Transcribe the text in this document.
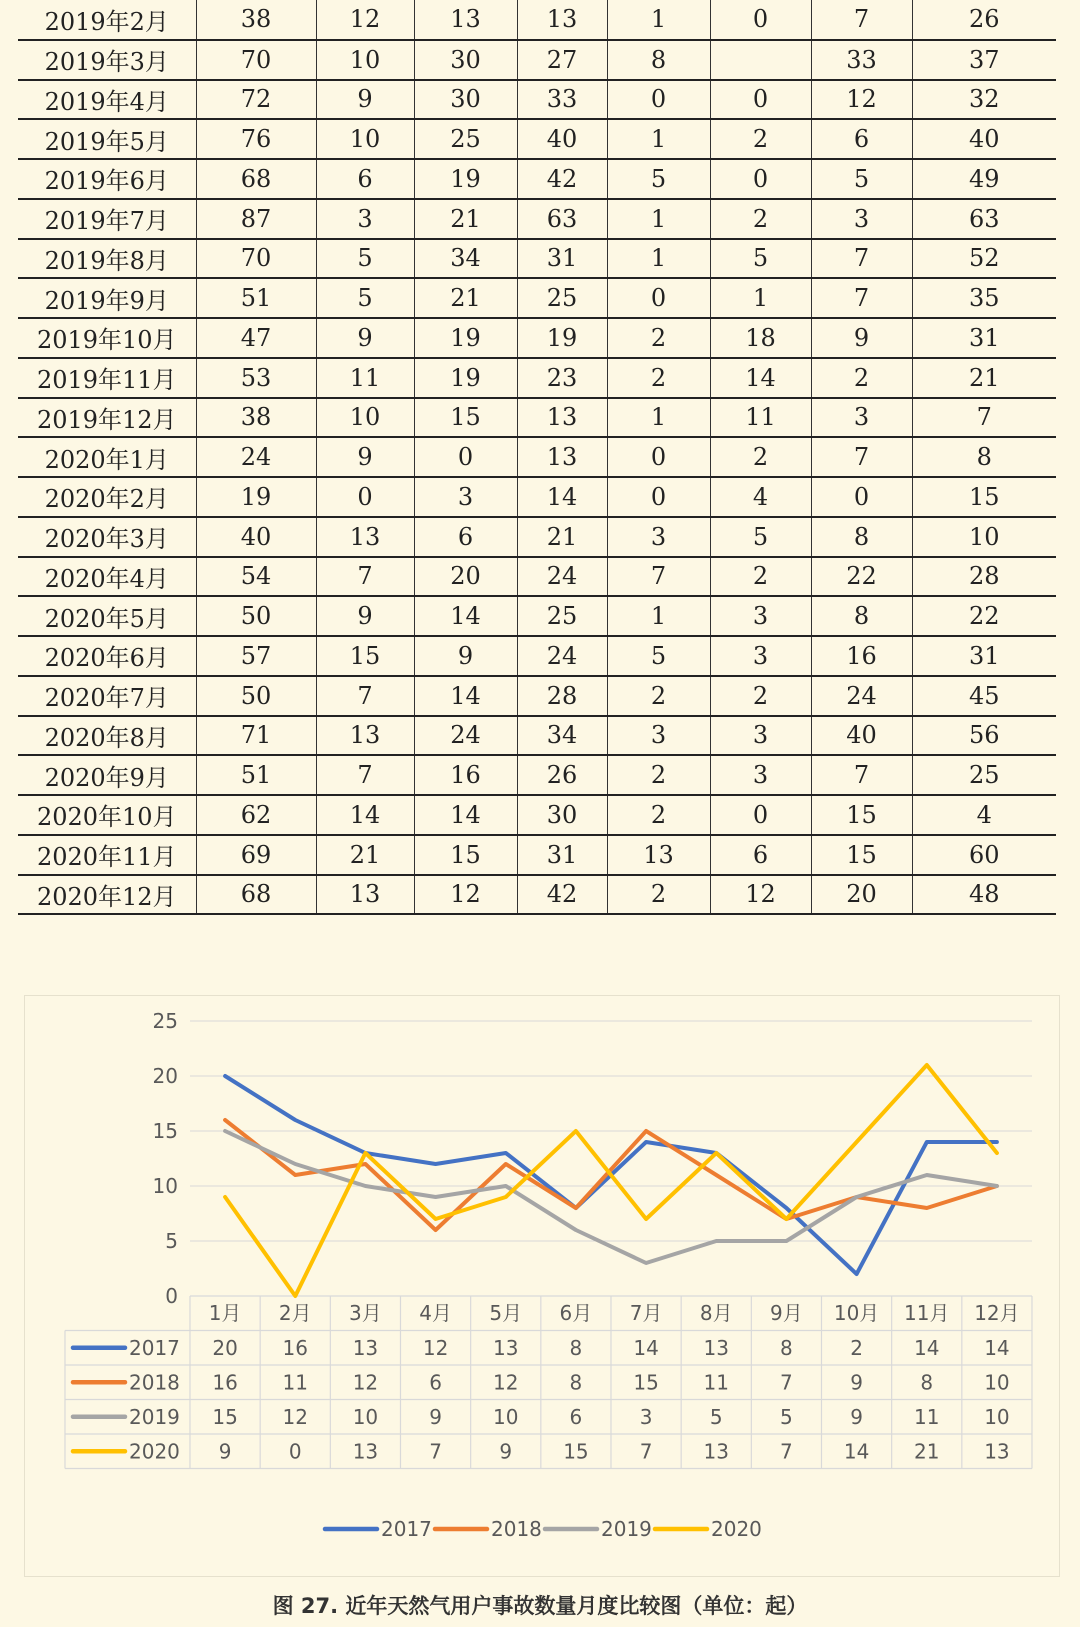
2019年2月	38	12	13	13	1	0	7	26
2019年3月	70	10	30	27	8		33	37
2019年4月	72	9	30	33	0	0	12	32
2019年5月	76	10	25	40	1	2	6	40
2019年6月	68	6	19	42	5	0	5	49
2019年7月	87	3	21	63	1	2	3	63
2019年8月	70	5	34	31	1	5	7	52
2019年9月	51	5	21	25	0	1	7	35
2019年10月	47	9	19	19	2	18	9	31
2019年11月	53	11	19	23	2	14	2	21
2019年12月	38	10	15	13	1	11	3	7
2020年1月	24	9	0	13	0	2	7	8
2020年2月	19	0	3	14	0	4	0	15
2020年3月	40	13	6	21	3	5	8	10
2020年4月	54	7	20	24	7	2	22	28
2020年5月	50	9	14	25	1	3	8	22
2020年6月	57	15	9	24	5	3	16	31
2020年7月	50	7	14	28	2	2	24	45
2020年8月	71	13	24	34	3	3	40	56
2020年9月	51	7	16	26	2	3	7	25
2020年10月	62	14	14	30	2	0	15	4
2020年11月	69	21	15	31	13	6	15	60
2020年12月	68	13	12	42	2	12	20	48
0
5
10
15
20
25
1月 2月 3月 4月 5月 6月 7月 8月 9月 10月 11月 12月
2017 20 16 13 12 13	8	14 13	8	2	14 14
2018 16 11 12	6	12	8	15 11	7	9	8	10
2019 15 12 10	9	10	6	3	5	5	9	11 10
2020 9	0	13	7	9	15	7	13	7	14 21 13
2017	2018	2019	2020
图 27. 近年天然气用户事故数量月度比较图（单位：起）
